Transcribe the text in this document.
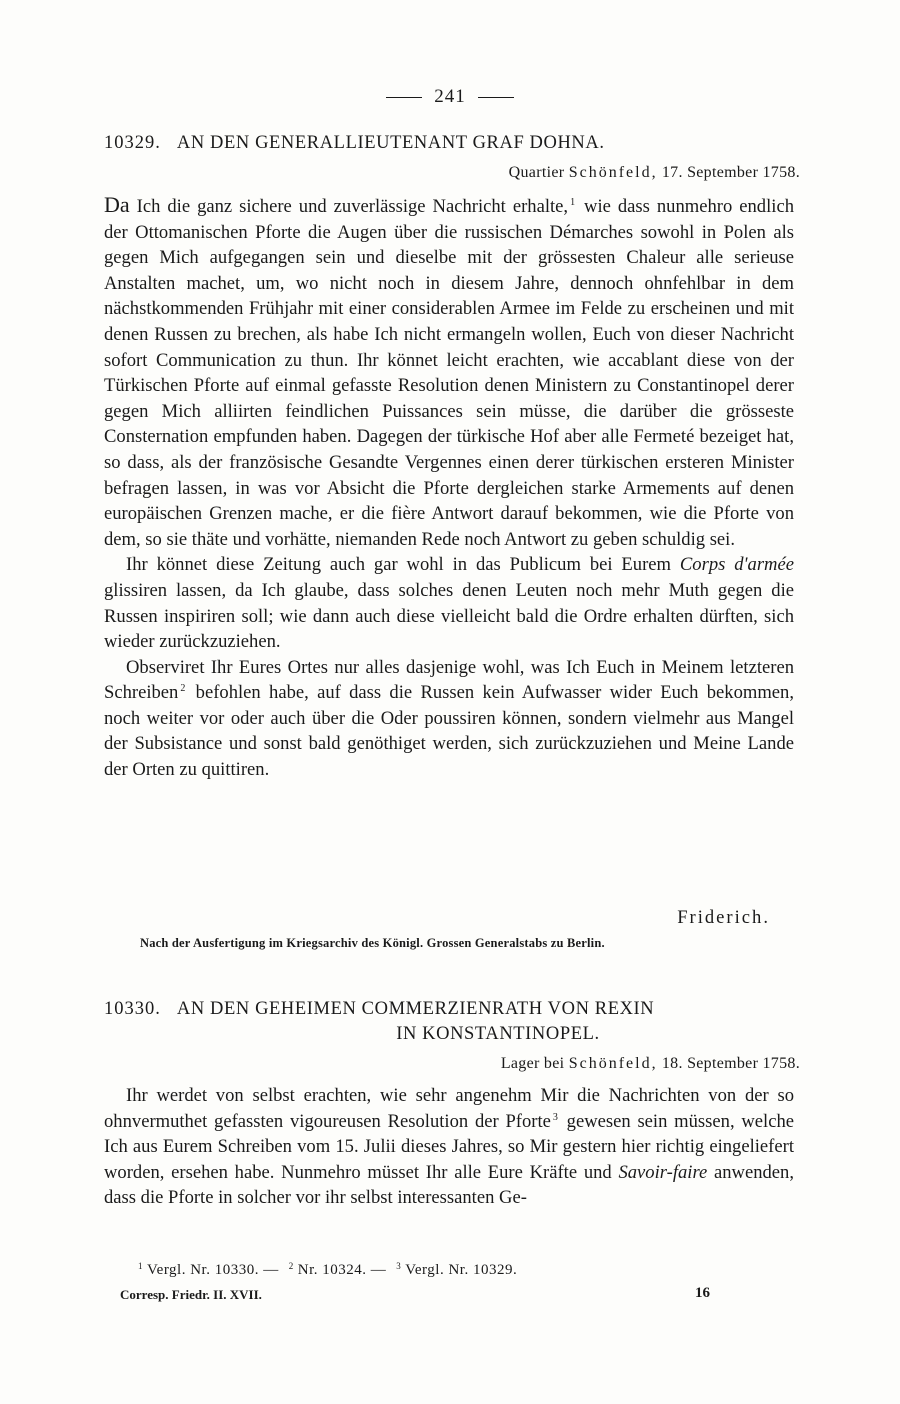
241
10329. AN DEN GENERALLIEUTENANT GRAF DOHNA.
Quartier Schönfeld, 17. September 1758.

Da Ich die ganz sichere und zuverlässige Nachricht erhalte, $^1$ wie dass nunmehro endlich der Ottomanischen Pforte die Augen über die russischen Démarches sowohl in Polen als gegen Mich aufgegangen sein und dieselbe mit der grössesten Chaleur alle serieuse Anstalten machet, um, wo nicht noch in diesem Jahre, dennoch ohnfehlbar in dem nächstkommenden Frühjahr mit einer considerablen Armee im Felde zu erscheinen und mit denen Russen zu brechen, als habe Ich nicht ermangeln wollen, Euch von dieser Nachricht sofort Communication zu thun. Ihr könnet leicht erachten, wie accablant diese von der Türkischen Pforte auf einmal gefasste Resolution denen Ministern zu Constantinopel derer gegen Mich alliirten feindlichen Puissances sein müsse, die darüber die grösseste Consternation empfunden haben. Dagegen der türkische Hof aber alle Fermeté bezeiget hat, so dass, als der französische Gesandte Vergennes einen derer türkischen ersteren Minister befragen lassen, in was vor Absicht die Pforte dergleichen starke Armements auf denen europäischen Grenzen mache, er die fière Antwort darauf bekommen, wie die Pforte von dem, so sie thäte und vorhätte, niemanden Rede noch Antwort zu geben schuldig sei.

Ihr könnet diese Zeitung auch gar wohl in das Publicum bei Eurem Corps d'armée glissiren lassen, da Ich glaube, dass solches denen Leuten noch mehr Muth gegen die Russen inspiriren soll; wie dann auch diese vielleicht bald die Ordre erhalten dürften, sich wieder zurückzuziehen.

Observiret Ihr Eures Ortes nur alles dasjenige wohl, was Ich Euch in Meinem letzteren Schreiben $^2$ befohlen habe, auf dass die Russen kein Aufwasser wider Euch bekommen, noch weiter vor oder auch über die Oder poussiren können, sondern vielmehr aus Mangel der Subsistance und sonst bald genöthiget werden, sich zurückzuziehen und Meine Lande der Orten zu quittiren.

Friderich.
Nach der Ausfertigung im Kriegsarchiv des Königl. Grossen Generalstabs zu Berlin.
10330. AN DEN GEHEIMEN COMMERZIENRATH VON REXIN
IN KONSTANTINOPEL.
Lager bei Schönfeld, 18. September 1758.

Ihr werdet von selbst erachten, wie sehr angenehm Mir die Nachrichten von der so ohnvermuthet gefassten vigoureusen Resolution der Pforte $^3$ gewesen sein müssen, welche Ich aus Eurem Schreiben vom 15. Julii dieses Jahres, so Mir gestern hier richtig eingeliefert worden, ersehen habe. Nunmehro müsset Ihr alle Eure Kräfte und Savoir-faire anwenden, dass die Pforte in solcher vor ihr selbst interessanten Ge-

$^1$ Vergl. Nr. 10330. — $^2$ Nr. 10324. — $^3$ Vergl. Nr. 10329.
Corresp. Friedr. II. XVII.	16
